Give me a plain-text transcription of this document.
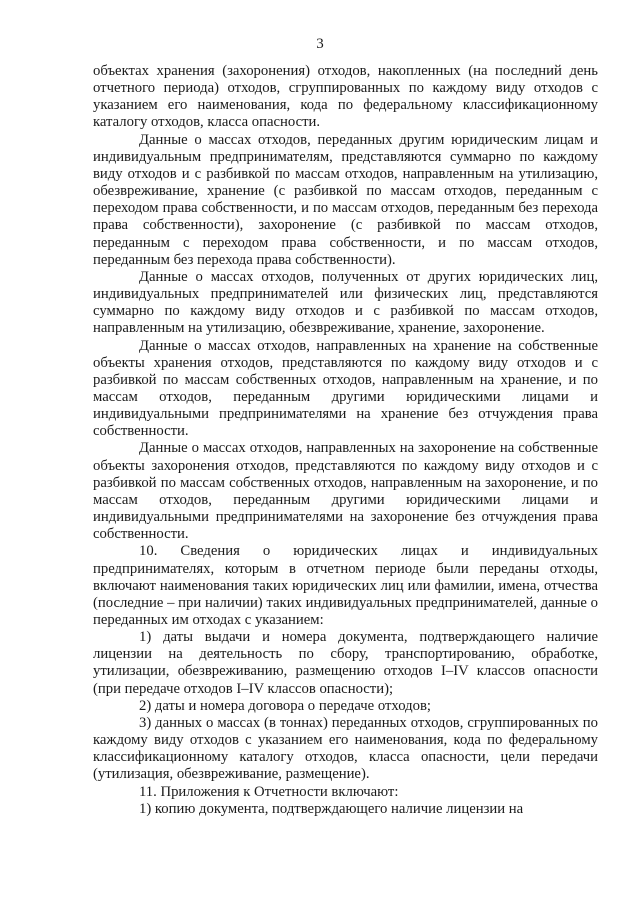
3

объектах хранения (захоронения) отходов, накопленных (на последний день отчетного периода) отходов, сгруппированных по каждому виду отходов с указанием его наименования, кода по федеральному классификационному каталогу отходов, класса опасности.

Данные о массах отходов, переданных другим юридическим лицам и индивидуальным предпринимателям, представляются суммарно по каждому виду отходов и с разбивкой по массам отходов, направленным на утилизацию, обезвреживание, хранение (с разбивкой по массам отходов, переданным с переходом права собственности, и по массам отходов, переданным без перехода права собственности), захоронение (с разбивкой по массам отходов, переданным с переходом права собственности, и по массам отходов, переданным без перехода права собственности).

Данные о массах отходов, полученных от других юридических лиц, индивидуальных предпринимателей или физических лиц, представляются суммарно по каждому виду отходов и с разбивкой по массам отходов, направленным на утилизацию, обезвреживание, хранение, захоронение.

Данные о массах отходов, направленных на хранение на собственные объекты хранения отходов, представляются по каждому виду отходов и с разбивкой по массам собственных отходов, направленным на хранение, и по массам отходов, переданным другими юридическими лицами и индивидуальными предпринимателями на хранение без отчуждения права собственности.

Данные о массах отходов, направленных на захоронение на собственные объекты захоронения отходов, представляются по каждому виду отходов и с разбивкой по массам собственных отходов, направленным на захоронение, и по массам отходов, переданным другими юридическими лицами и индивидуальными предпринимателями на захоронение без отчуждения права собственности.

10. Сведения о юридических лицах и индивидуальных предпринимателях, которым в отчетном периоде были переданы отходы, включают наименования таких юридических лиц или фамилии, имена, отчества (последние – при наличии) таких индивидуальных предпринимателей, данные о переданных им отходах с указанием:

1) даты выдачи и номера документа, подтверждающего наличие лицензии на деятельность по сбору, транспортированию, обработке, утилизации, обезвреживанию, размещению отходов I–IV классов опасности (при передаче отходов I–IV классов опасности);

2) даты и номера договора о передаче отходов;

3) данных о массах (в тоннах) переданных отходов, сгруппированных по каждому виду отходов с указанием его наименования, кода по федеральному классификационному каталогу отходов, класса опасности, цели передачи (утилизация, обезвреживание, размещение).

11. Приложения к Отчетности включают:

1) копию документа, подтверждающего наличие лицензии на
